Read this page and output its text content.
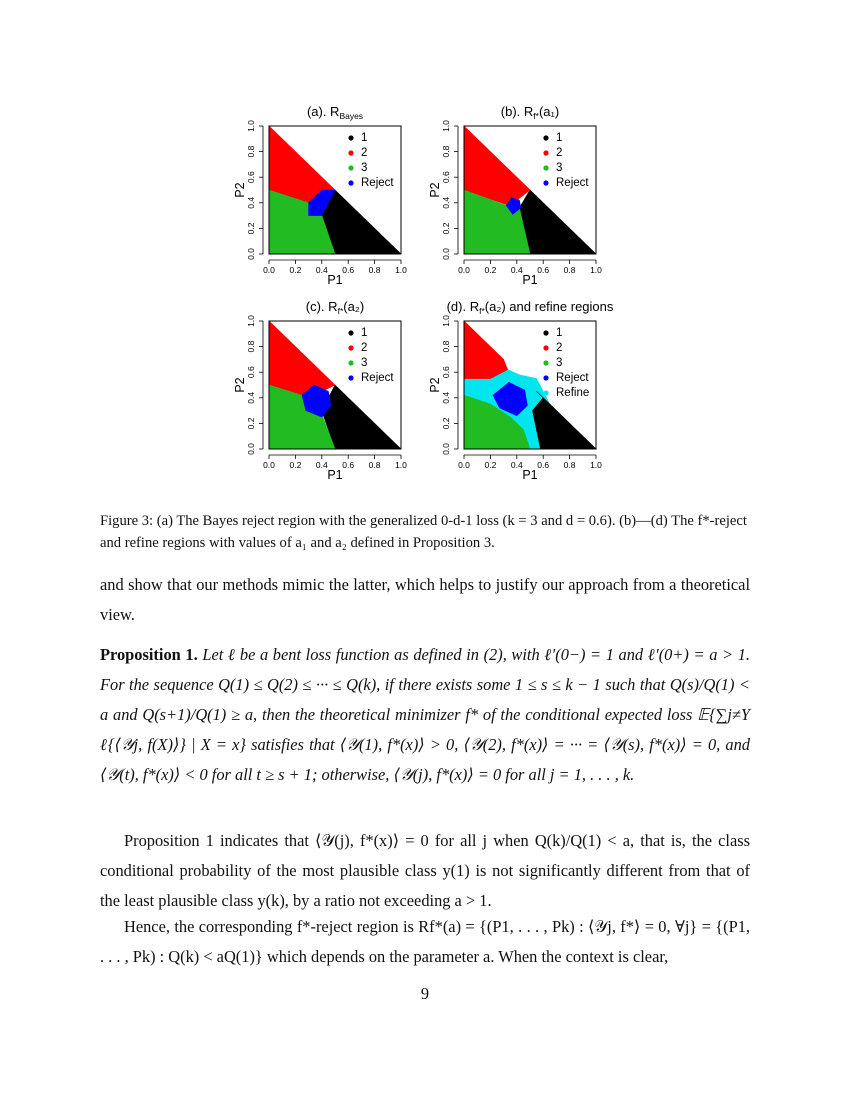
(a). $R_{Bayes}$
0.0 0.2 0.4 0.6 0.8 1.0
P1
0.0
0.2
0.4
0.6
0.8
1.0
P2
1
2
3
Reject
(b). $R_{f*}(a_1)$
0.0 0.2 0.4 0.6 0.8 1.0
P1
0.0
0.2
0.4
0.6
0.8
1.0
P2
1
2
3
Reject
(c). $R_{f*}(a_2)$
0.0 0.2 0.4 0.6 0.8 1.0
P1
0.0
0.2
0.4
0.6
0.8
1.0
P2
1
2
3
Reject
(d). $R_{f*}(a_2)$ and refine regions
0.0 0.2 0.4 0.6 0.8 1.0
P1
0.0
0.2
0.4
0.6
0.8
1.0
P2
1
2
3
Reject
Refine
Figure 3: (a) The Bayes reject region with the generalized 0-d-1 loss (k = 3 and d = 0.6). (b)—(d) The f*-reject and refine regions with values of a₁ and a₂ defined in Proposition 3.
and show that our methods mimic the latter, which helps to justify our approach from a theoretical view.
Proposition 1. Let ℓ be a bent loss function as defined in (2), with ℓ′(0−) = 1 and ℓ′(0+) = a > 1. For the sequence Q(1) ≤ Q(2) ≤ ··· ≤ Q(k), if there exists some 1 ≤ s ≤ k − 1 such that Q(s)/Q(1) < a and Q(s+1)/Q(1) ≥ a, then the theoretical minimizer f* of the conditional expected loss 𝔼{∑j≠Y ℓ{⟨𝒴j, f(X)⟩} | X = x} satisfies that ⟨𝒴(1), f*(x)⟩ > 0, ⟨𝒴(2), f*(x)⟩ = ··· = ⟨𝒴(s), f*(x)⟩ = 0, and ⟨𝒴(t), f*(x)⟩ < 0 for all t ≥ s + 1; otherwise, ⟨𝒴(j), f*(x)⟩ = 0 for all j = 1, . . . , k.
Proposition 1 indicates that ⟨𝒴(j), f*(x)⟩ = 0 for all j when Q(k)/Q(1) < a, that is, the class conditional probability of the most plausible class y(1) is not significantly different from that of the least plausible class y(k), by a ratio not exceeding a > 1.
Hence, the corresponding f*-reject region is Rf*(a) = {(P1, . . . , Pk) : ⟨𝒴j, f*⟩ = 0, ∀j} = {(P1, . . . , Pk) : Q(k) < aQ(1)} which depends on the parameter a. When the context is clear,
9
